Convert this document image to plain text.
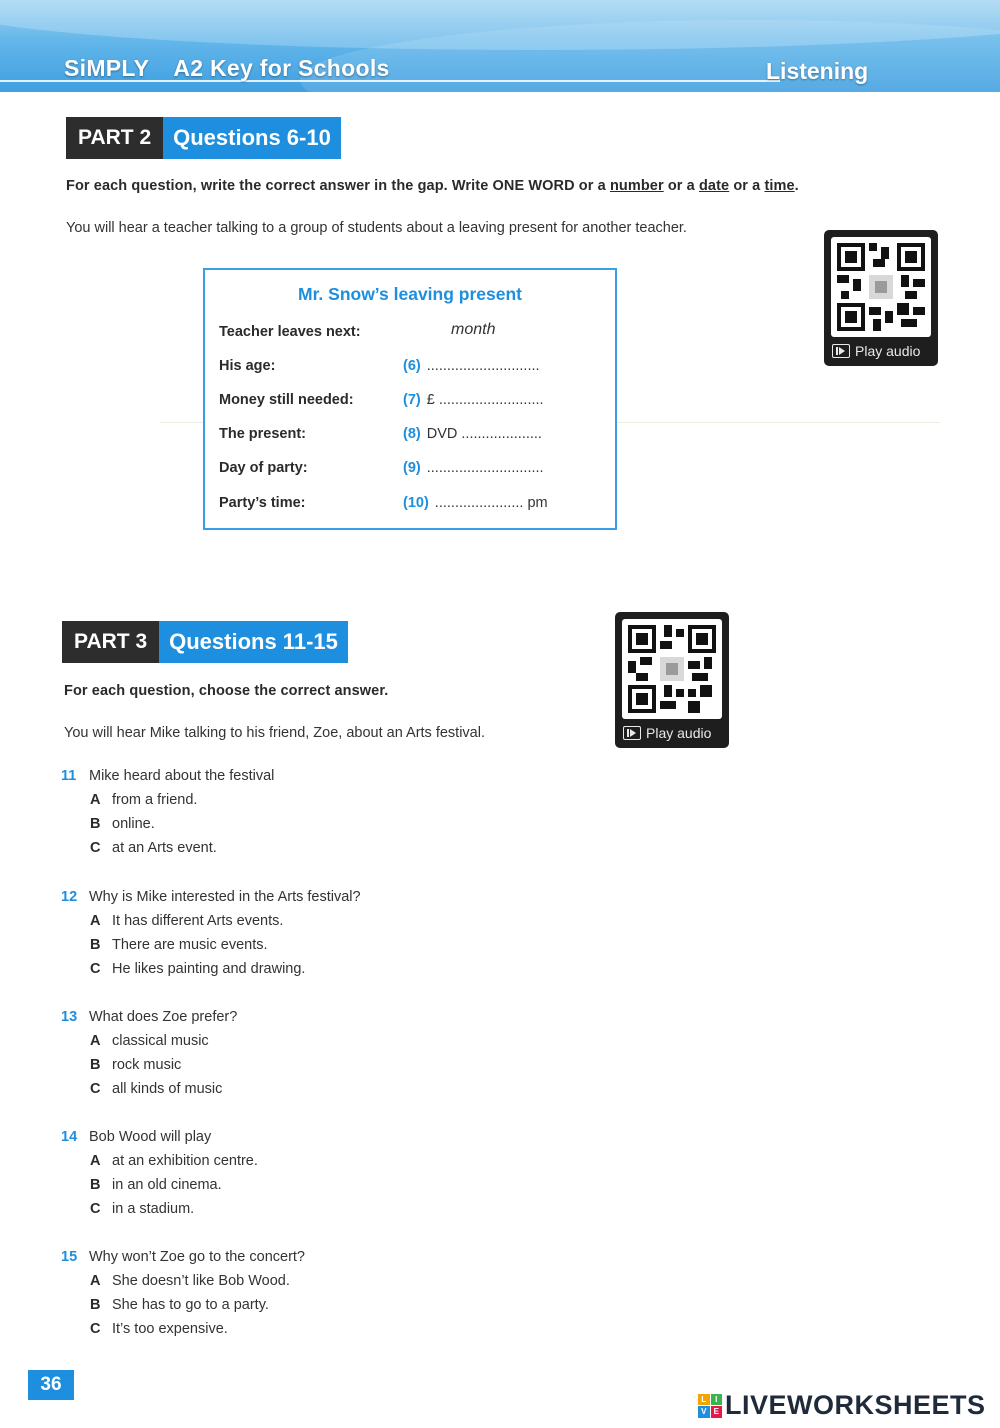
SiMPLY A2 Key for Schools	Listening
PART 2	Questions 6-10
For each question, write the correct answer in the gap. Write ONE WORD or a number or a date or a time.
You will hear a teacher talking to a group of students about a leaving present for another teacher.
Play audio
Mr. Snow’s leaving present
Teacher leaves next:	month
His age:	(6) ............................
Money still needed:	(7) £ ..........................
The present:	(8) DVD ....................
Day of party:	(9) .............................
Party’s time:	(10) ...................... pm
PART 3	Questions 11-15
For each question, choose the correct answer.
You will hear Mike talking to his friend, Zoe, about an Arts festival.	Play audio
11 Mike heard about the festival
A from a friend.
B online.
C at an Arts event.
12 Why is Mike interested in the Arts festival?
A It has different Arts events.
B There are music events.
C He likes painting and drawing.
13 What does Zoe prefer?
A classical music
B rock music
C all kinds of music
14 Bob Wood will play
A at an exhibition centre.
B in an old cinema.
C in a stadium.
15 Why won’t Zoe go to the concert?
A She doesn’t like Bob Wood.
B She has to go to a party.
C It’s too expensive.
36
L	I
V E LIVEWORKSHEETS
